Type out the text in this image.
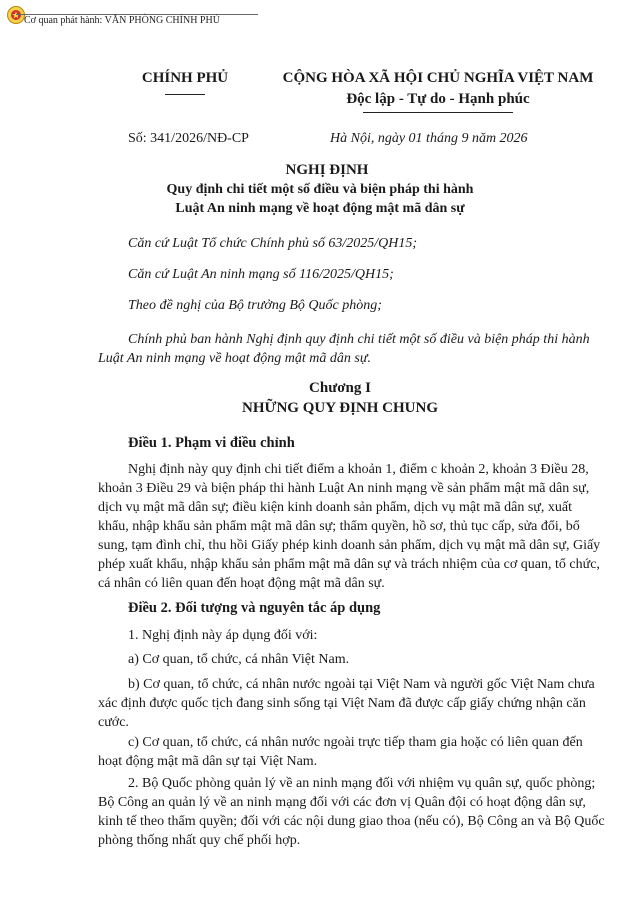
Cơ quan phát hành: VĂN PHÒNG CHÍNH PHỦ
CHÍNH PHỦ	CỘNG HÒA XÃ HỘI CHỦ NGHĨA VIỆT NAM
Độc lập - Tự do - Hạnh phúc
Số: 341/2026/NĐ-CP	Hà Nội, ngày 01 tháng 9 năm 2026
NGHỊ ĐỊNH
Quy định chi tiết một số điều và biện pháp thi hành
Luật An ninh mạng về hoạt động mật mã dân sự
Căn cứ Luật Tổ chức Chính phủ số 63/2025/QH15;
Căn cứ Luật An ninh mạng số 116/2025/QH15;
Theo đề nghị của Bộ trưởng Bộ Quốc phòng;
Chính phủ ban hành Nghị định quy định chi tiết một số điều và biện pháp thi hành Luật An ninh mạng về hoạt động mật mã dân sự.
Chương I
NHỮNG QUY ĐỊNH CHUNG
Điều 1. Phạm vi điều chỉnh
Nghị định này quy định chi tiết điểm a khoản 1, điểm c khoản 2, khoản 3 Điều 28, khoản 3 Điều 29 và biện pháp thi hành Luật An ninh mạng về sản phẩm mật mã dân sự, dịch vụ mật mã dân sự; điều kiện kinh doanh sản phẩm, dịch vụ mật mã dân sự, xuất khẩu, nhập khẩu sản phẩm mật mã dân sự; thẩm quyền, hồ sơ, thủ tục cấp, sửa đổi, bổ sung, tạm đình chỉ, thu hồi Giấy phép kinh doanh sản phẩm, dịch vụ mật mã dân sự, Giấy phép xuất khẩu, nhập khẩu sản phẩm mật mã dân sự và trách nhiệm của cơ quan, tổ chức, cá nhân có liên quan đến hoạt động mật mã dân sự.
Điều 2. Đối tượng và nguyên tắc áp dụng
1. Nghị định này áp dụng đối với:
a) Cơ quan, tổ chức, cá nhân Việt Nam.
b) Cơ quan, tổ chức, cá nhân nước ngoài tại Việt Nam và người gốc Việt Nam chưa xác định được quốc tịch đang sinh sống tại Việt Nam đã được cấp giấy chứng nhận căn cước.
c) Cơ quan, tổ chức, cá nhân nước ngoài trực tiếp tham gia hoặc có liên quan đến hoạt động mật mã dân sự tại Việt Nam.
2. Bộ Quốc phòng quản lý về an ninh mạng đối với nhiệm vụ quân sự, quốc phòng; Bộ Công an quản lý về an ninh mạng đối với các đơn vị Quân đội có hoạt động dân sự, kinh tế theo thẩm quyền; đối với các nội dung giao thoa (nếu có), Bộ Công an và Bộ Quốc phòng thống nhất quy chế phối hợp.
